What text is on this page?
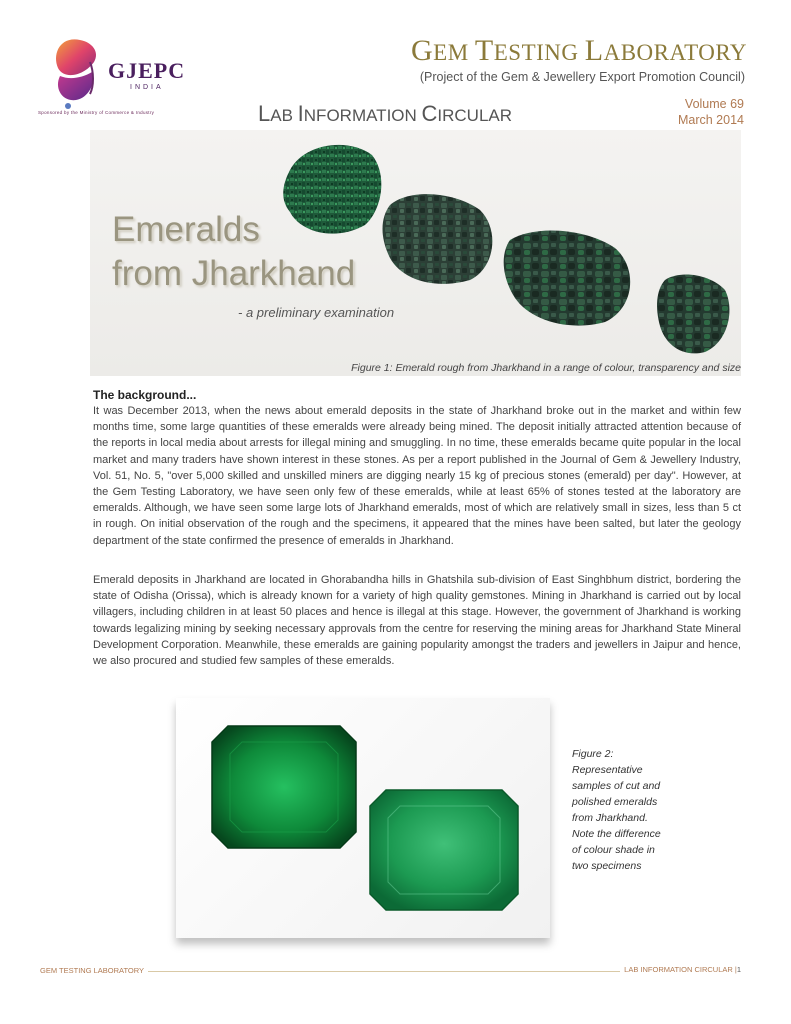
GJEPC
INDIA
Sponsored by the Ministry of Commerce & Industry
GEM TESTING LABORATORY
(Project of the Gem & Jewellery Export Promotion Council)
LAB INFORMATION CIRCULAR
Volume 69
March 2014
Emeralds
from Jharkhand
- a preliminary examination
Figure 1: Emerald rough from Jharkhand in a range of colour, transparency and size
The background...

It was December 2013, when the news about emerald deposits in the state of Jharkhand broke out in the market and within few months time, some large quantities of these emeralds were already being mined. The deposit initially attracted attention because of the reports in local media about arrests for illegal mining and smuggling. In no time, these emeralds became quite popular in the local market and many traders have shown interest in these stones. As per a report published in the Journal of Gem & Jewellery Industry, Vol. 51, No. 5, "over 5,000 skilled and unskilled miners are digging nearly 15 kg of precious stones (emerald) per day". However, at the Gem Testing Laboratory, we have seen only few of these emeralds, while at least 65% of stones tested at the laboratory are emeralds. Although, we have seen some large lots of Jharkhand emeralds, most of which are relatively small in sizes, less than 5 ct in rough. On initial observation of the rough and the specimens, it appeared that the mines have been salted, but later the geology department of the state confirmed the presence of emeralds in Jharkhand.

Emerald deposits in Jharkhand are located in Ghorabandha hills in Ghatshila sub-division of East Singhbhum district, bordering the state of Odisha (Orissa), which is already known for a variety of high quality gemstones. Mining in Jharkhand is carried out by local villagers, including children in at least 50 places and hence is illegal at this stage. However, the government of Jharkhand is working towards legalizing mining by seeking necessary approvals from the centre for reserving the mining areas for Jharkhand State Mineral Development Corporation. Meanwhile, these emeralds are gaining popularity amongst the traders and jewellers in Jaipur and hence, we also procured and studied few samples of these emeralds.

Figure 2:
Representative
samples of cut and
polished emeralds
from Jharkhand.
Note the difference
of colour shade in
two specimens
GEM TESTING LABORATORY	LAB INFORMATION CIRCULAR |1
